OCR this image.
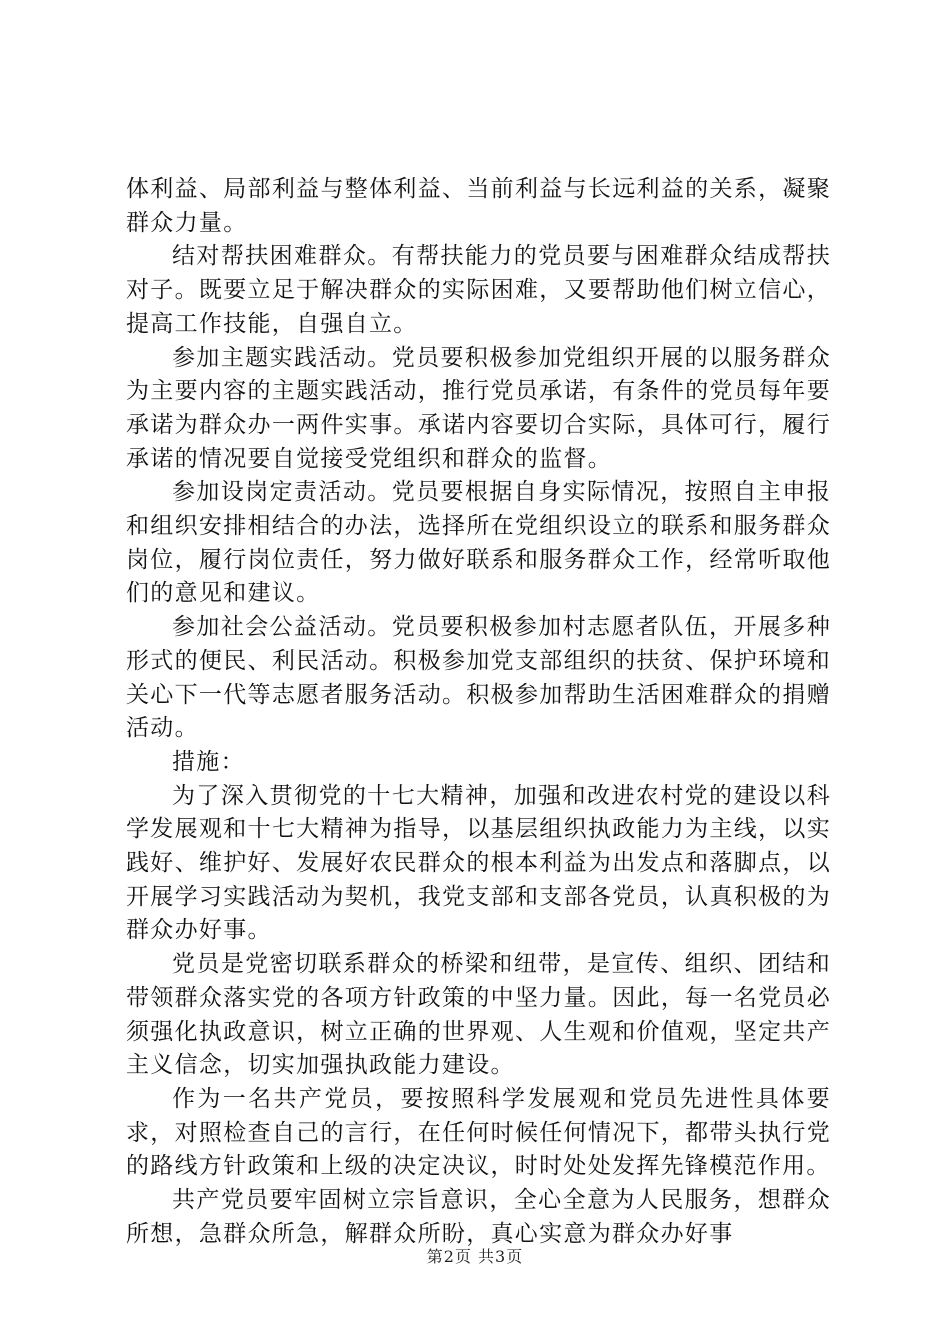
体利益、局部利益与整体利益、当前利益与长远利益的关系，凝聚群众力量。

结对帮扶困难群众。有帮扶能力的党员要与困难群众结成帮扶对子。既要立足于解决群众的实际困难，又要帮助他们树立信心，提高工作技能，自强自立。

参加主题实践活动。党员要积极参加党组织开展的以服务群众为主要内容的主题实践活动，推行党员承诺，有条件的党员每年要承诺为群众办一两件实事。承诺内容要切合实际，具体可行，履行承诺的情况要自觉接受党组织和群众的监督。

参加设岗定责活动。党员要根据自身实际情况，按照自主申报和组织安排相结合的办法，选择所在党组织设立的联系和服务群众岗位，履行岗位责任，努力做好联系和服务群众工作，经常听取他们的意见和建议。

参加社会公益活动。党员要积极参加村志愿者队伍，开展多种形式的便民、利民活动。积极参加党支部组织的扶贫、保护环境和关心下一代等志愿者服务活动。积极参加帮助生活困难群众的捐赠活动。

措施：

为了深入贯彻党的十七大精神，加强和改进农村党的建设以科学发展观和十七大精神为指导，以基层组织执政能力为主线，以实践好、维护好、发展好农民群众的根本利益为出发点和落脚点，以开展学习实践活动为契机，我党支部和支部各党员，认真积极的为群众办好事。

党员是党密切联系群众的桥梁和纽带，是宣传、组织、团结和带领群众落实党的各项方针政策的中坚力量。因此，每一名党员必须强化执政意识，树立正确的世界观、人生观和价值观，坚定共产主义信念，切实加强执政能力建设。

作为一名共产党员，要按照科学发展观和党员先进性具体要求，对照检查自己的言行，在任何时候任何情况下，都带头执行党的路线方针政策和上级的决定决议，时时处处发挥先锋模范作用。

共产党员要牢固树立宗旨意识，全心全意为人民服务，想群众所想，急群众所急，解群众所盼，真心实意为群众办好事

第2页 共3页
